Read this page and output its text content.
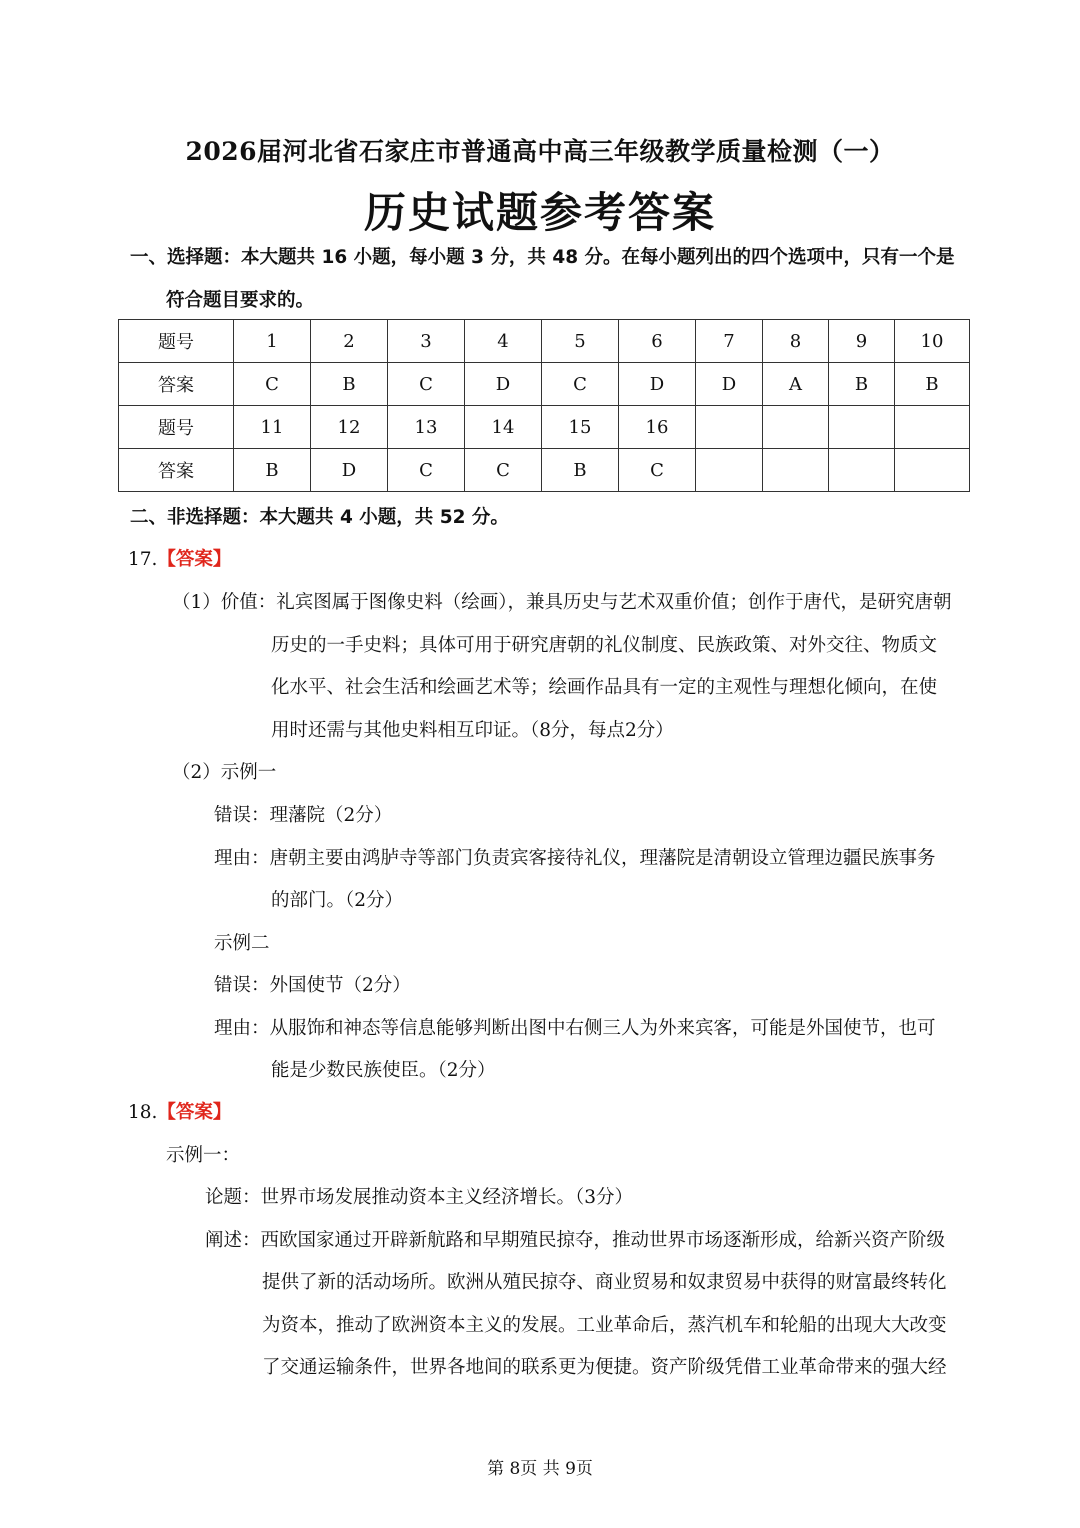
2026届河北省石家庄市普通高中高三年级教学质量检测（一）
历史试题参考答案
一、选择题：本大题共 16 小题，每小题 3 分，共 48 分。在每小题列出的四个选项中，只有一个是
符合题目要求的。
题号	1	2	3	4	5	6	7	8	9	10
答案	C	B	C	D	C	D	D	A	B	B
题号	11	12	13	14	15	16				
答案	B	D	C	C	B	C				
二、非选择题：本大题共 4 小题，共 52 分。
17.【答案】
（1）价值：礼宾图属于图像史料（绘画），兼具历史与艺术双重价值；创作于唐代，是研究唐朝
历史的一手史料；具体可用于研究唐朝的礼仪制度、民族政策、对外交往、物质文
化水平、社会生活和绘画艺术等；绘画作品具有一定的主观性与理想化倾向，在使
用时还需与其他史料相互印证。（8分，每点2分）
（2）示例一
错误：理藩院（2分）
理由：唐朝主要由鸿胪寺等部门负责宾客接待礼仪，理藩院是清朝设立管理边疆民族事务
的部门。（2分）
示例二
错误：外国使节（2分）
理由：从服饰和神态等信息能够判断出图中右侧三人为外来宾客，可能是外国使节，也可
能是少数民族使臣。（2分）
18.【答案】
示例一：
论题：世界市场发展推动资本主义经济增长。（3分）
阐述：西欧国家通过开辟新航路和早期殖民掠夺，推动世界市场逐渐形成，给新兴资产阶级
提供了新的活动场所。欧洲从殖民掠夺、商业贸易和奴隶贸易中获得的财富最终转化
为资本，推动了欧洲资本主义的发展。工业革命后，蒸汽机车和轮船的出现大大改变
了交通运输条件，世界各地间的联系更为便捷。资产阶级凭借工业革命带来的强大经
第 8页 共 9页
